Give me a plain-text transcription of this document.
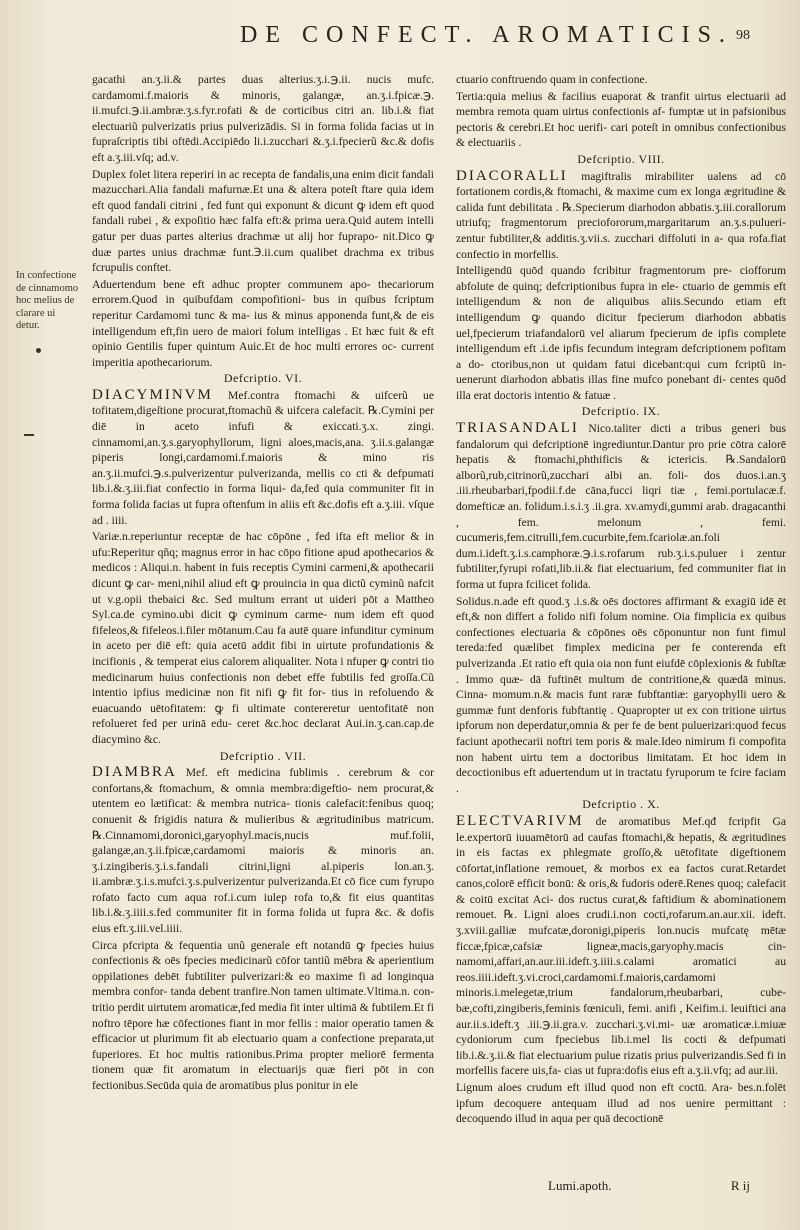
DE CONFECT. AROMATICIS. 98
In confectione de cinnamomo hoc melius de clarare ui detur.

gacathi an.ʒ.ii.& partes duas alterius.ʒ.i.℈.ii. nucis mufc. cardamomi.f.maioris & minoris, galangæ, an.ʒ.i.fpicæ.℈. ii.mufci.℈.ii.ambræ.ʒ.s.fyr.rofati & de corticibus citri an. lib.i.& fiat electuariũ pulverizatis prius pulverizādis. Si in forma folida facias ut in fupraſcriptis tibi oftēdi.Accipiēdo li.i.zucchari &.ʒ.i.fpecierũ &c.& dofis eft a.ʒ.iii.vſq; ad.v.

Duplex folet litera reperiri in ac recepta de fandalis,una enim dicit fandali mazucchari.Alia fandali mafurnæ.Et una & altera poteſt ftare quia idem eft quod fandali citrini , fed funt qui exponunt & dicunt ꝙ idem eft quod fandali rubei , & expoſitio hæc falfa eft:& prima uera.Quid autem intelli gatur per duas partes alterius drachmæ ut alij hor fuprapo- nit.Dico ꝙ duæ partes unius drachmæ funt.℈.ii.cum qualibet drachma ex tribus fcrupulis conftet.

Aduertendum bene eft adhuc propter communem apo- thecariorum errorem.Quod in quibufdam compofitioni- bus in quibus fcriptum reperitur Cardamomi tunc & ma- ius & minus apponenda funt,& de eis intelligendum eft,fin uero de maiori folum intelligas . Et hæc fuit & eft opinio Gentilis fuper quintum Auic.Et de hoc multi errores oc- current imperitia apothecariorum.

Defcriptio. VI.

DIACYMINVM Mef.contra ftomachi & uifcerũ ue tofitatem,digeſtione procurat,ftomachũ & uifcera calefacit. ℞.Cymini per diē in aceto infufi & exiccati.ʒ.x. zingi. cinnamomi,an.ʒ.s.garyophyllorum, ligni aloes,macis,ana. ʒ.ii.s.galangæ piperis longi,cardamomi.f.maioris & mino ris an.ʒ.ii.mufci.℈.s.pulverizentur pulverizanda, mellis co cti & defpumati lib.i.&.ʒ.iii.fiat confectio in forma liqui- da,fed quia communiter fit in forma folida facias ut fupra oftenfum in aliis eft &c.dofis eft a.ʒ.iii. vſque ad . iiii.

Variæ.n.reperiuntur receptæ de hac cōpōne , fed ifta eft melior & in ufu:Reperitur qñq; magnus error in hac cōpo fitione apud apothecarios & medicos : Aliqui.n. habent in fuis receptis Cymini carmeni,& apothecarii dicunt ꝙ car- meni,nihil aliud eft ꝙ prouincia in qua dictũ cyminũ nafcit ut v.g.opii thebaici &c. Sed multum errant ut uideri pōt a Mattheo Syl.ca.de cymino.ubi dicit ꝙ cyminum carme- num idem eft quod fifeleos,& fifeleos.i.filer mōtanum.Cau fa autē quare infunditur cyminum in aceto per diē eft: quia acetū addit fibi in uirtute profundationis & incifionis , & temperat eius calorem aliqualiter. Nota i nfuper ꝙ contri tio medicinarum huius confectionis non debet effe fubtilis fed groſſa.Cũ intentio ipfius medicinæ non fit nifi ꝙ fit for- tius in refoluendo & euacuando uētofitatem: ꝙ fi ultimate contereretur uentofitatē non refolueret fed per urinā edu- ceret &c.hoc declarat Aui.in.ʒ.can.cap.de diacymino &c.

Defcriptio . VII.

DIAMBRA Mef. eft medicina fublimis . cerebrum & cor confortans,& ftomachum, & omnia membra:digeftio- nem procurat,& utentem eo lætificat: & membra nutrica- tionis calefacit:fenibus quoq; conuenit & frigidis natura & mulieribus & ægritudinibus matricum. ℞.Cinnamomi,doronici,garyophyl.macis,nucis muf.folii, galangæ,an.ʒ.ii.fpicæ,cardamomi maioris & minoris an. ʒ.i.zingiberis.ʒ.i.s.fandali citrini,ligni al.piperis lon.an.ʒ. ii.ambræ.ʒ.i.s.mufci.ʒ.s.pulverizentur pulverizanda.Et cō fice cum fyrupo rofato facto cum aqua rof.i.cum iulep rofa to,& fit eius quantitas lib.i.&.ʒ.iiii.s.fed communiter fit in forma folida ut fupra &c. & dofis eius eft.ʒ.iii.vel.iiii.

Circa pfcripta & fequentia unũ generale eft notandū ꝙ fpecies huius confectionis & oēs fpecies medicinarũ cōfor tantiũ mēbra & aperientium oppilationes debēt fubtiliter pulverizari:& eo maxime fi ad longinqua membra confor- tanda debent tranfire.Non tamen ultimate.Vltima.n. con- tritio perdit uirtutem aromaticæ,fed media fit inter ultimā & fubtilem.Et fi noftro tēpore hæ cōfectiones fiant in mor fellis : maior operatio tamen & efficacior ut plurimum fit ab electuario quam a confectione preparata,ut fuperiores. Et hoc multis rationibus.Prima propter meliorē fermenta tionem quæ fit aromatum in electuarijs quæ fieri pōt in con fectionibus.Secūda quia de aromatibus plus ponitur in ele

ctuario conftruendo quam in confectione.

Tertia:quia melius & facilius euaporat & tranfit uirtus electuarii ad membra remota quam uirtus confectionis af- fumptæ ut in pafsionibus pectoris & cerebri.Et hoc uerifi- cari poteſt in omnibus confectionibus & electuariis .

Defcriptio. VIII.

DIACORALLI magiftralis mirabiliter ualens ad cō fortationem cordis,& ftomachi, & maxime cum ex longa ægritudine & calida funt debilitata . ℞.Specierum diarhodon abbatis.ʒ.iii.corallorum utriufq; fragmentorum preciofororum,margaritarum an.ʒ.s.pulueri- zentur fubtiliter,& additis.ʒ.vii.s. zucchari diffoluti in a- qua rofa.fiat confectio in morfellis.

Intelligendū quōd quando fcribitur fragmentorum pre- ciofforum abfolute de quinq; defcriptionibus fupra in ele- ctuario de gemmis eft intelligendum & non de aliquibus aliis.Secundo etiam eft intelligendum ꝙ quando dicitur fpecierum diarhodon abbatis uel,fpecierum triafandalorū vel aliarum fpecierum de ipfis complete intelligendum eft .i.de ipfis fecundum integram defcriptionem pofitam a do- ctoribus,non ut quidam fatui dicebant:qui cum fcriptũ in- uenerunt diarhodon abbatis illas fine mufco ponebant di- centes quōd illa erat doctoris intentio & fatuæ .

Defcriptio. IX.

TRIASANDALI Nico.taliter dicti a tribus generi bus fandalorum qui defcriptionē ingrediuntur.Dantur pro prie cōtra calorē hepatis & ftomachi,phthificis & ictericis. ℞.Sandalorū alborũ,rub,citrinorũ,zucchari albi an. foli- dos duos.i.an.ʒ .iii.rheubarbari,fpodii.f.de cāna,fucci liqri tiæ , femi.portulacæ.f. domefticæ an. folidum.i.s.i.ʒ .ii.gra. xv.amydi,gummi arab. dragacanthi , fem. melonum , femi. cucumeris,fem.citrulli,fem.cucurbite,fem.fcariolæ.an.foli dum.i.ideft.ʒ.i.s.camphoræ.℈.i.s.rofarum rub.ʒ.i.s.puluer i zentur fubtiliter,fyrupi rofati,lib.ii.& fiat electuarium, fed communiter fiat in forma ut fupra fcilicet folida.

Solidus.n.ade eft quod.ʒ .i.s.& oēs doctores affirmant & exagiū idē ēt eft,& non differt a folido nifi folum nomine. Oia fimplicia ex quibus confectiones electuaria & cōpōnes oēs cōponuntur non funt fimul tereda:fed quælibet fimplex medicina per fe conterenda eft pulverizanda .Et ratio eft quia oia non funt eiufdē cōplexionis & fubſtæ . Immo quæ- dā fuftinēt multum de contritione,& quædā minus. Cinna- momum.n.& macis funt raræ fubftantiæ: garyophylli uero & gummæ funt denforis fubftantię . Quapropter ut ex con tritione uirtus ipforum non deperdatur,omnia & per fe de bent puluerizari:quod fecus faciunt apothecarii noftri tem poris & male.Ideo nimirum fi compofita non habent uirtu tem a doctoribus limitatam. Et hoc idem in decoctionibus eft aduertendum ut in tractatu fyruporum te fcire faciam .

Defcriptio . X.

ELECTVARIVM de aromatibus Mef.qđ fcripfit Ga le.expertorū iuuamētorū ad caufas ftomachi,& hepatis, & ægritudines in eis factas ex phlegmate groſſo,& uētofitate digeftionem cōfortat,inflatione remouet, & morbos ex ea factos curat.Retardet canos,colorē efficit bonū: & oris,& fudoris oderē.Renes quoq; calefacit & coitū excitat Aci- dos ructus curat,& faftidium & abominationem remouet. ℞. Ligni aloes crudi.i.non cocti,rofarum.an.aur.xii. ideft. ʒ.xviii.galliæ mufcatæ,doronigi,piperis lon.nucis mufcatę mētæ ficcæ,fpicæ,cafsiæ ligneæ,macis,garyophy.macis cin- namomi,affari,an.aur.iii.ideft.ʒ.iiii.s.calami aromatici au reos.iiii.ideft.ʒ.vi.croci,cardamomi.f.maioris,cardamomi minoris.i.melegetæ,trium fandalorum,rheubarbari, cube- bæ,cofti,zingiberis,feminis fœniculi, femi. anifi , Keifim.i. leuiftici ana aur.ii.s.ideft.ʒ .iii.℈.ii.gra.v. zucchari.ʒ.vi.mi- uæ aromaticæ.i.miuæ cydoniorum cum fpeciebus lib.i.mel lis cocti & defpumati lib.i.&.ʒ.ii.& fiat electuarium pulue rizatis prius pulverizandis.Sed fi in morfellis facere uis,fa- cias ut fupra:dofis eius eft a.ʒ.ii.vfq; ad aur.iii.

Lignum aloes crudum eft illud quod non eft coctū. Ara- bes.n.folēt ipfum decoquere antequam illud ad nos uenire permittant : decoquendo illud in aqua per quā decoctionē

Lumi.apoth.	R ij
